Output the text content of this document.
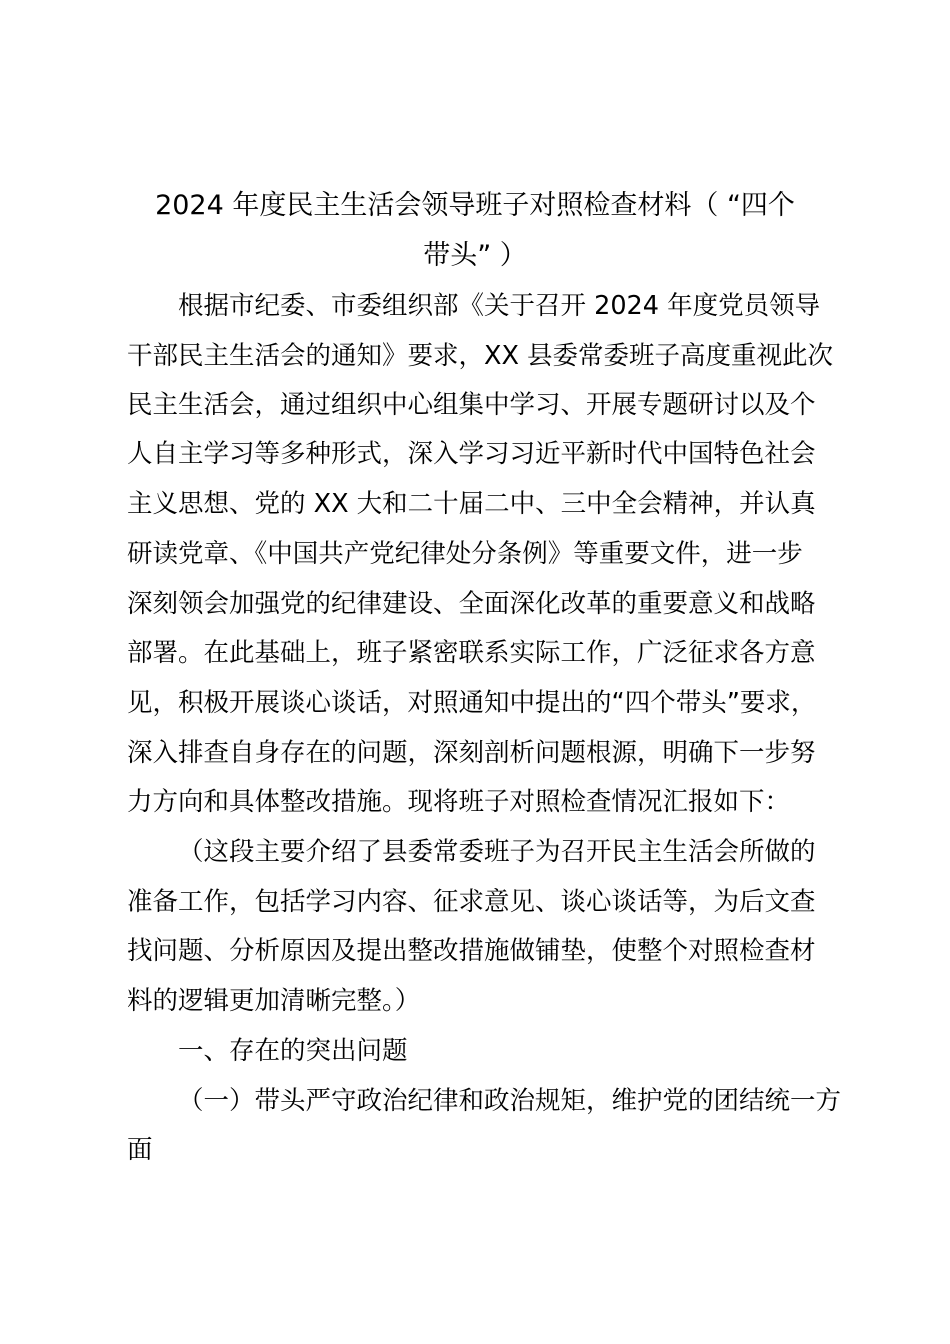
2024 年度民主生活会领导班子对照检查材料（ “四个
带头” ）
根据市纪委、市委组织部《关于召开 2024 年度党员领导
干部民主生活会的通知》要求，XX 县委常委班子高度重视此次
民主生活会，通过组织中心组集中学习、开展专题研讨以及个
人自主学习等多种形式，深入学习习近平新时代中国特色社会
主义思想、党的 XX 大和二十届二中、三中全会精神，并认真
研读党章、《中国共产党纪律处分条例》等重要文件，进一步
深刻领会加强党的纪律建设、全面深化改革的重要意义和战略
部署。在此基础上，班子紧密联系实际工作，广泛征求各方意
见，积极开展谈心谈话，对照通知中提出的“四个带头”要求，
深入排查自身存在的问题，深刻剖析问题根源，明确下一步努
力方向和具体整改措施。现将班子对照检查情况汇报如下：
（这段主要介绍了县委常委班子为召开民主生活会所做的
准备工作，包括学习内容、征求意见、谈心谈话等，为后文查
找问题、分析原因及提出整改措施做铺垫，使整个对照检查材
料的逻辑更加清晰完整。）
一、存在的突出问题
（一）带头严守政治纪律和政治规矩，维护党的团结统一方
面
